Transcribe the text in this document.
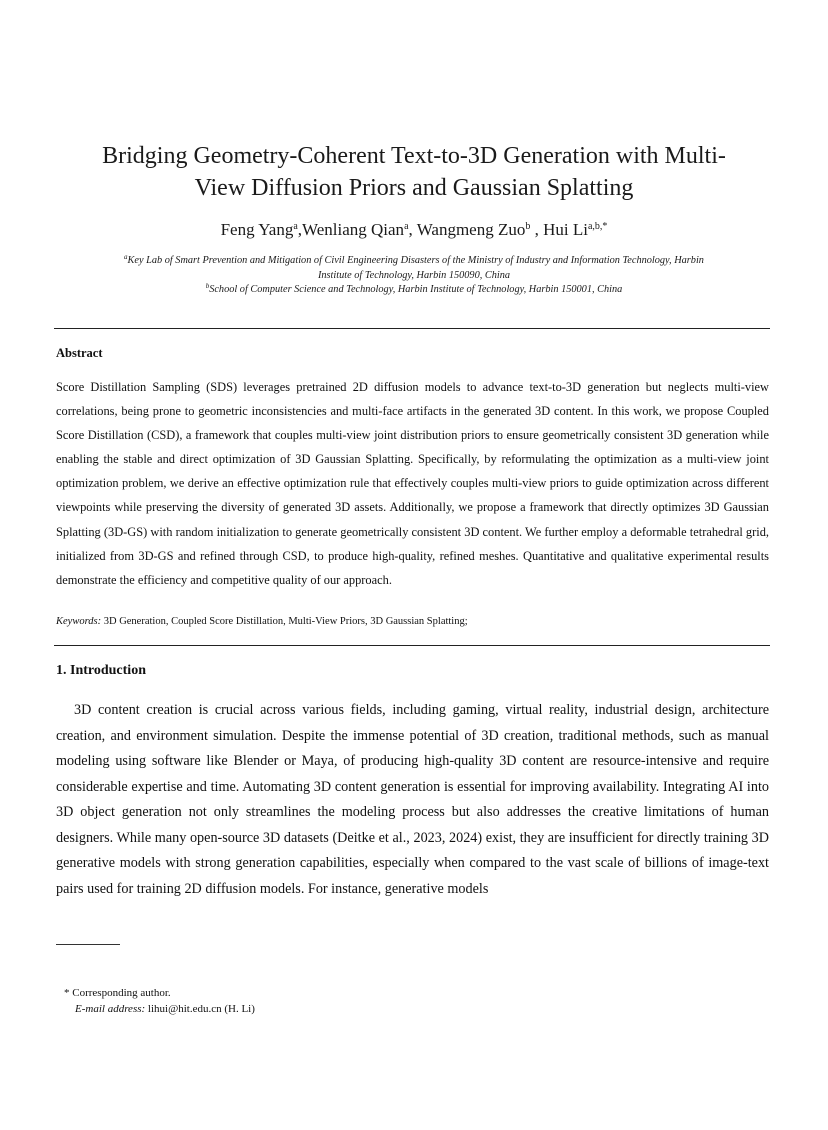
Bridging Geometry-Coherent Text-to-3D Generation with Multi-
View Diffusion Priors and Gaussian Splatting
Feng Yang$^a$,Wenliang Qian$^a$, Wangmeng Zuo$^b$ , Hui $Li^{a,b,*}$
$^a$Key Lab of Smart Prevention and Mitigation of Civil Engineering Disasters of the Ministry of Industry and Information Technology, Harbin
Institute of Technology, Harbin 150090, China
$^b$School of Computer Science and Technology, Harbin Institute of Technology, Harbin 150001, China
Abstract
Score Distillation Sampling (SDS) leverages pretrained 2D diffusion models to advance text-to-3D generation but neglects multi-view correlations, being prone to geometric inconsistencies and multi-face artifacts in the generated 3D content. In this work, we propose Coupled Score Distillation (CSD), a framework that couples multi-view joint distribution priors to ensure geometrically consistent 3D generation while enabling the stable and direct optimization of 3D Gaussian Splatting. Specifically, by reformulating the optimization as a multi-view joint optimization problem, we derive an effective optimization rule that effectively couples multi-view priors to guide optimization across different viewpoints while preserving the diversity of generated 3D assets. Additionally, we propose a framework that directly optimizes 3D Gaussian Splatting (3D-GS) with random initialization to generate geometrically consistent 3D content. We further employ a deformable tetrahedral grid, initialized from 3D-GS and refined through CSD, to produce high-quality, refined meshes. Quantitative and qualitative experimental results demonstrate the efficiency and competitive quality of our approach.
Keywords: 3D Generation, Coupled Score Distillation, Multi-View Priors, 3D Gaussian Splatting;
1. Introduction
3D content creation is crucial across various fields, including gaming, virtual reality, industrial design, architecture creation, and environment simulation. Despite the immense potential of 3D creation, traditional methods, such as manual modeling using software like Blender or Maya, of producing high-quality 3D content are resource-intensive and require considerable expertise and time. Automating 3D content generation is essential for improving availability. Integrating AI into 3D object generation not only streamlines the modeling process but also addresses the creative limitations of human designers. While many open-source 3D datasets (Deitke et al., 2023, 2024) exist, they are insufficient for directly training 3D generative models with strong generation capabilities, especially when compared to the vast scale of billions of image-text pairs used for training 2D diffusion models. For instance, generative models
* Corresponding author.
E-mail address: lihui@hit.edu.cn (H. Li)
